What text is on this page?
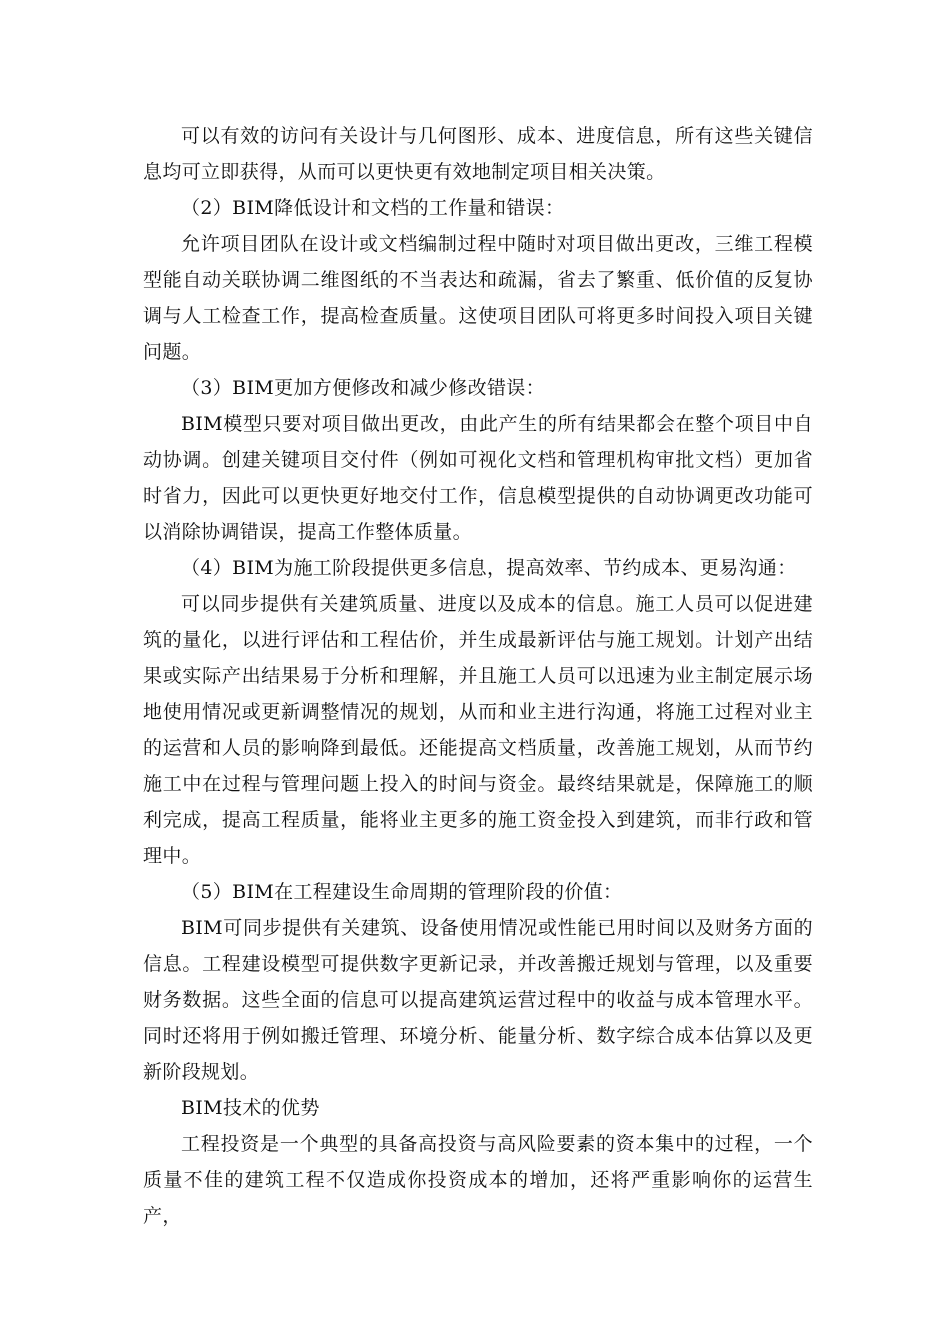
可以有效的访问有关设计与几何图形、成本、进度信息，所有这些关键信息均可立即获得，从而可以更快更有效地制定项目相关决策。

（2）BIM降低设计和文档的工作量和错误：

允许项目团队在设计或文档编制过程中随时对项目做出更改，三维工程模型能自动关联协调二维图纸的不当表达和疏漏，省去了繁重、低价值的反复协调与人工检查工作，提高检查质量。这使项目团队可将更多时间投入项目关键问题。

（3）BIM更加方便修改和减少修改错误：

BIM模型只要对项目做出更改，由此产生的所有结果都会在整个项目中自动协调。创建关键项目交付件（例如可视化文档和管理机构审批文档）更加省时省力，因此可以更快更好地交付工作，信息模型提供的自动协调更改功能可以消除协调错误，提高工作整体质量。

（4）BIM为施工阶段提供更多信息，提高效率、节约成本、更易沟通：

可以同步提供有关建筑质量、进度以及成本的信息。施工人员可以促进建筑的量化，以进行评估和工程估价，并生成最新评估与施工规划。计划产出结果或实际产出结果易于分析和理解，并且施工人员可以迅速为业主制定展示场地使用情况或更新调整情况的规划，从而和业主进行沟通，将施工过程对业主的运营和人员的影响降到最低。还能提高文档质量，改善施工规划，从而节约施工中在过程与管理问题上投入的时间与资金。最终结果就是，保障施工的顺利完成，提高工程质量，能将业主更多的施工资金投入到建筑，而非行政和管理中。

（5）BIM在工程建设生命周期的管理阶段的价值：

BIM可同步提供有关建筑、设备使用情况或性能已用时间以及财务方面的信息。工程建设模型可提供数字更新记录，并改善搬迁规划与管理，以及重要财务数据。这些全面的信息可以提高建筑运营过程中的收益与成本管理水平。同时还将用于例如搬迁管理、环境分析、能量分析、数字综合成本估算以及更新阶段规划。

BIM技术的优势

工程投资是一个典型的具备高投资与高风险要素的资本集中的过程，一个质量不佳的建筑工程不仅造成你投资成本的增加，还将严重影响你的运营生产，
